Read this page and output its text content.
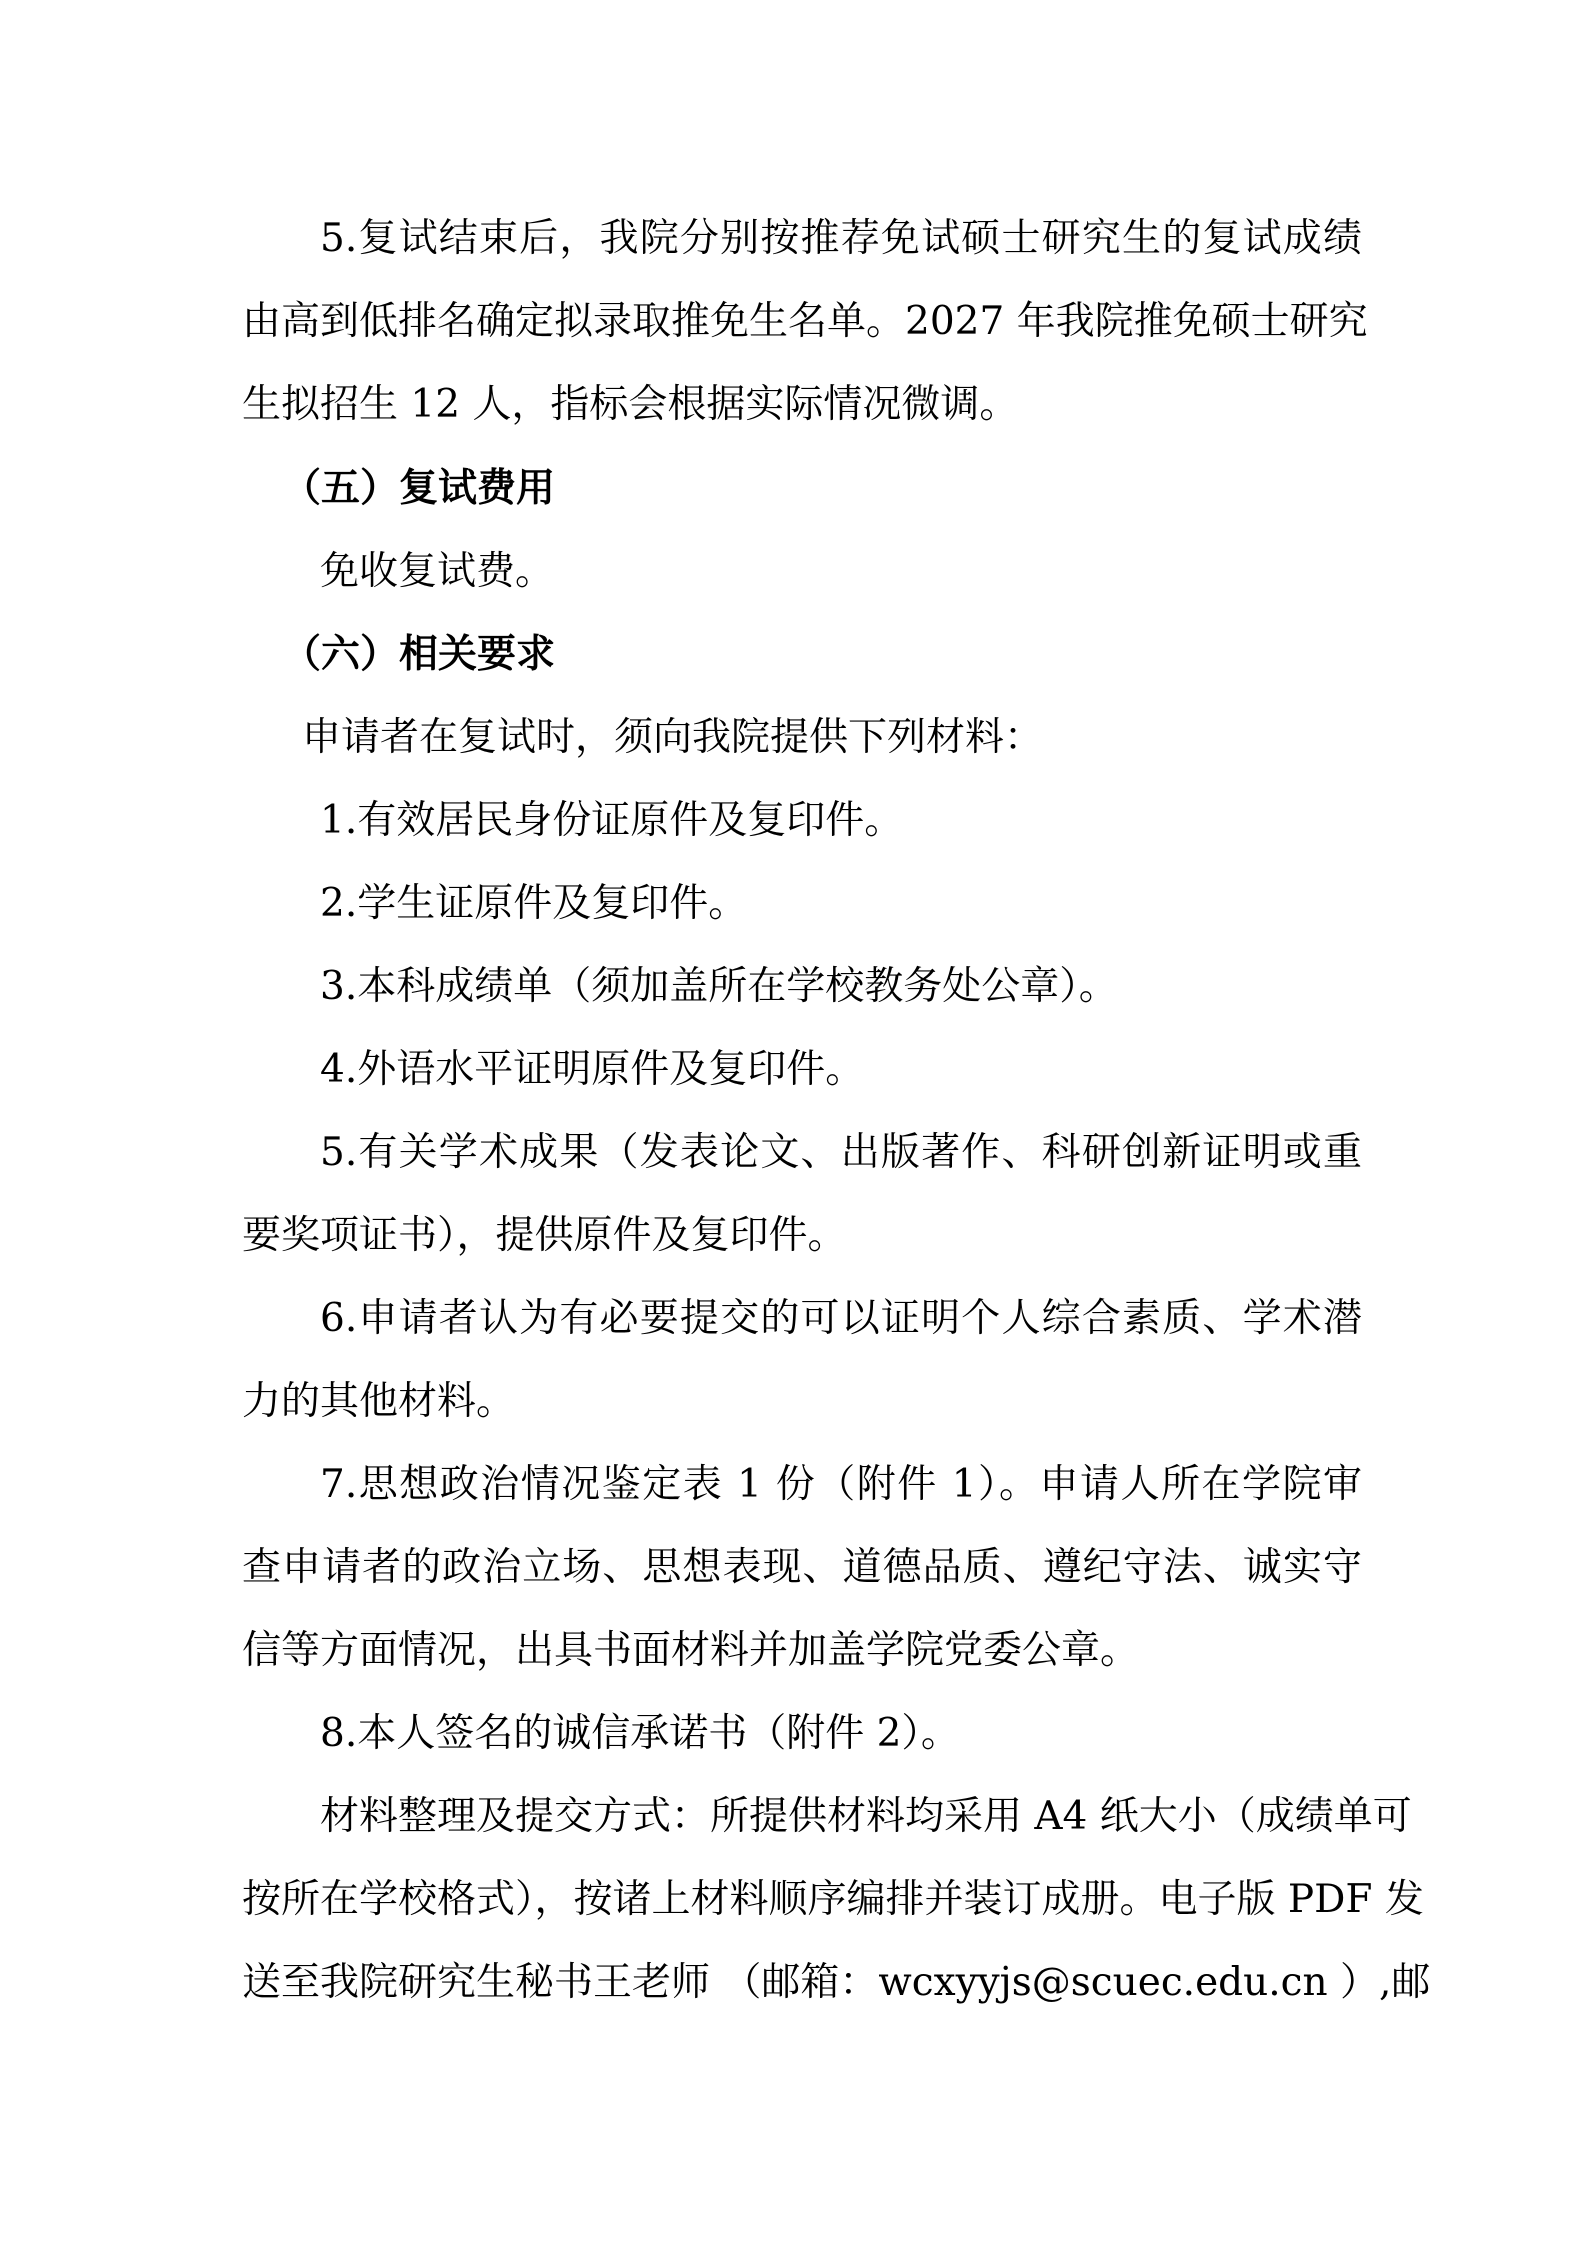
5.复试结束后，我院分别按推荐免试硕士研究生的复试成绩
由高到低排名确定拟录取推免生名单。2027 年我院推免硕士研究
生拟招生 12 人，指标会根据实际情况微调。
（五）复试费用
免收复试费。
（六）相关要求
申请者在复试时，须向我院提供下列材料：
1.有效居民身份证原件及复印件。
2.学生证原件及复印件。
3.本科成绩单（须加盖所在学校教务处公章）。
4.外语水平证明原件及复印件。
5.有关学术成果（发表论文、出版著作、科研创新证明或重
要奖项证书），提供原件及复印件。
6.申请者认为有必要提交的可以证明个人综合素质、学术潜
力的其他材料。
7.思想政治情况鉴定表 1 份（附件 1）。申请人所在学院审
查申请者的政治立场、思想表现、道德品质、遵纪守法、诚实守
信等方面情况，出具书面材料并加盖学院党委公章。
8.本人签名的诚信承诺书（附件 2）。
材料整理及提交方式：所提供材料均采用 A4 纸大小（成绩单可
按所在学校格式），按诸上材料顺序编排并装订成册。电子版 PDF 发
送至我院研究生秘书王老师 （邮箱：wcxyyjs@scuec.edu.cn ）,邮
